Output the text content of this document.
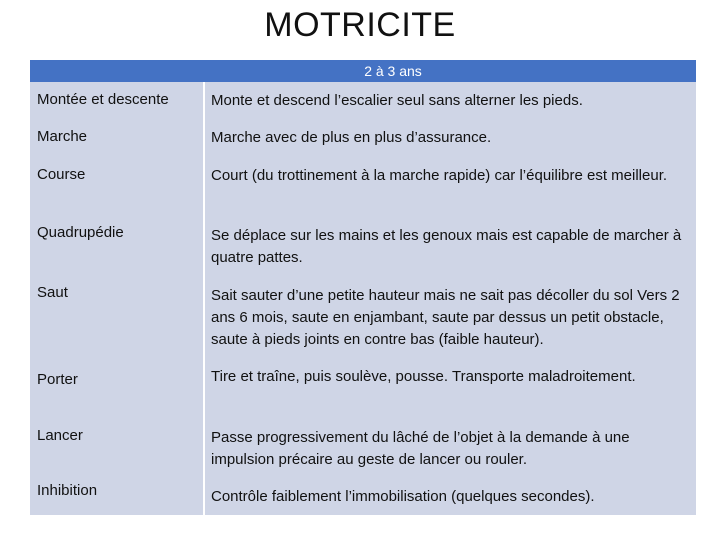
MOTRICITE
2 à 3 ans
Montée et descente	Monte et descend l’escalier seul sans alterner les pieds.
Marche	Marche avec de plus en plus d’assurance.
Course	Court (du trottinement à la marche rapide) car l’équilibre est meilleur.
Quadrupédie	Se déplace sur les mains et les genoux mais est capable de marcher à quatre pattes.
Saut	Sait sauter d’une petite hauteur mais ne sait pas décoller du sol Vers 2 ans 6 mois, saute en enjambant, saute par dessus un petit obstacle, saute à pieds joints en contre bas (faible hauteur).
Porter	Tire et traîne, puis soulève, pousse. Transporte maladroitement.
Lancer	Passe progressivement du lâché de l’objet à la demande à une impulsion précaire au geste de lancer ou rouler.
Inhibition	Contrôle faiblement l’immobilisation (quelques secondes).
